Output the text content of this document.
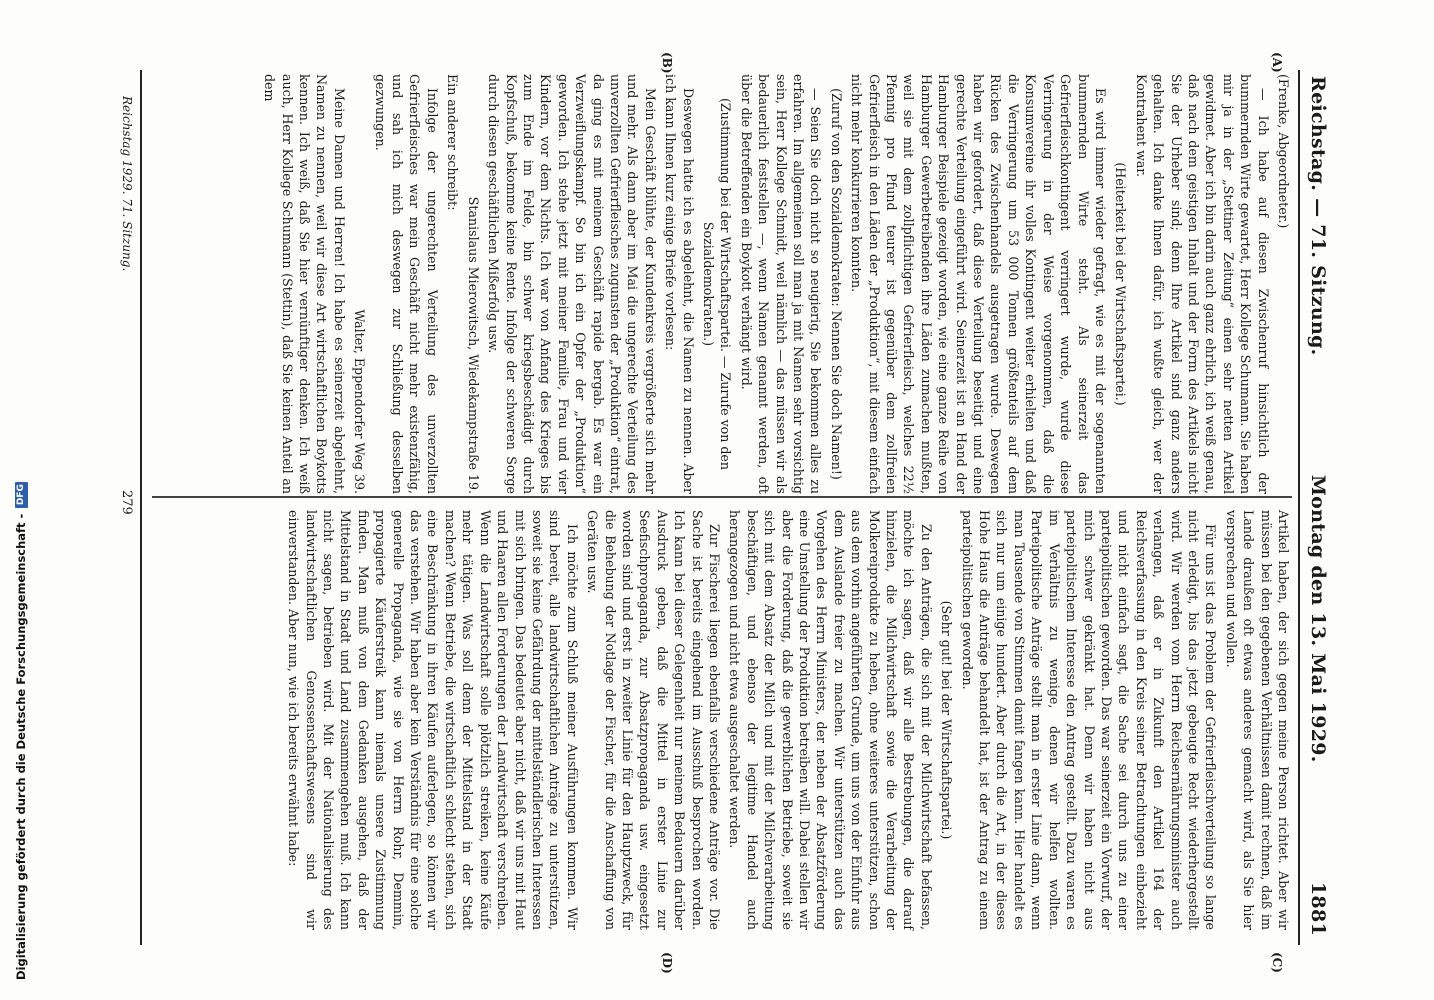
Reichstag. — 71. Sitzung.
Montag den 13. Mai 1929.
1881
(A)
(B)
(C)
(D)

(Frenke, Abgeordneter.)

— Ich habe auf diesen Zwischenruf hinsichtlich der bummernden Wirte gewartet, Herr Kollege Schumann. Sie haben mir ja in der „Stettiner Zeitung“ einen sehr netten Artikel gewidmet. Aber ich bin darin auch ganz ehrlich, ich weiß genau, daß nach dem geistigen Inhalt und der Form des Artikels nicht Sie der Urheber sind; denn Ihre Artikel sind ganz anders gehalten. Ich danke Ihnen dafür, ich wußte gleich, wer der Kontrahent war.

(Heiterkeit bei der Wirtschaftspartei.)

Es wird immer wieder gefragt, wie es mit der sogenannten bummernden Wirte steht. Als seinerzeit das Gefrierfleischkontingent verringert wurde, wurde diese Verringerung in der Weise vorgenommen, daß die Konsumvereine ihr volles Kontingent weiter erhielten und daß die Verringerung um 53 000 Tonnen größtenteils auf dem Rücken des Zwischenhandels ausgetragen wurde. Deswegen haben wir gefordert, daß diese Verteilung beseitigt und eine gerechte Verteilung eingeführt wird. Seinerzeit ist an Hand der Hamburger Beispiele gezeigt worden, wie eine ganze Reihe von Hamburger Gewerbetreibenden ihre Läden zumachen mußten, weil sie mit dem zollpflichtigen Gefrierfleisch, welches 22½ Pfennig pro Pfund teurer ist gegenüber dem zollfreien Gefrierfleisch in den Läden der „Produktion“, mit diesem einfach nicht mehr konkurrieren konnten.

(Zuruf von den Sozialdemokraten: Nennen Sie doch Namen!)

— Seien Sie doch nicht so neugierig, Sie bekommen alles zu erfahren. Im allgemeinen soll man ja mit Namen sehr vorsichtig sein, Herr Kollege Schmidt, weil nämlich — das müssen wir als bedauerlich feststellen —, wenn Namen genannt werden, oft über die Betreffenden ein Boykott verhängt wird.

(Zustimmung bei der Wirtschaftspartei. — Zurufe von den Sozialdemokraten.)

Deswegen hatte ich es abgelehnt, die Namen zu nennen. Aber ich kann Ihnen kurz einige Briefe vorlesen:

Mein Geschäft blühte, der Kundenkreis vergrößerte sich mehr und mehr. Als dann aber im Mai die ungerechte Verteilung des unverzollten Gefrierfleisches zugunsten der „Produktion“ eintrat, da ging es mit meinem Geschäft rapide bergab. Es war ein Verzweiflungskampf. So bin ich ein Opfer der „Produktion“ geworden. Ich stehe jetzt mit meiner Familie, Frau und vier Kindern, vor dem Nichts. Ich war von Anfang des Krieges bis zum Ende im Felde, bin schwer kriegsbeschädigt durch Kopfschuß, bekomme keine Rente. Infolge der schweren Sorge durch diesen geschäftlichen Mißerfolg usw.

Stanislaus Mierowitsch, Wiedekampstraße 19.

Ein anderer schreibt:

Infolge der ungerechten Verteilung des unverzollten Gefrierfleisches war mein Geschäft nicht mehr existenzfähig, und sah ich mich deswegen zur Schließung desselben gezwungen.

Walter, Eppendorfer Weg 39.

Meine Damen und Herren! Ich habe es seinerzeit abgelehnt, Namen zu nennen, weil wir diese Art wirtschaftlichen Boykotts kennen. Ich weiß, daß Sie hier vernünftiger denken. Ich weiß auch, Herr Kollege Schumann (Stettin), daß Sie keinen Anteil an dem

Artikel haben, der sich gegen meine Person richtet. Aber wir müssen bei den gegebenen Verhältnissen damit rechnen, daß im Lande draußen oft etwas anderes gemacht wird, als Sie hier versprechen und wollen.

Für uns ist das Problem der Gefrierfleischverteilung so lange nicht erledigt, bis das jetzt gebeugte Recht wiederhergestellt wird. Wir werden vom Herrn Reichsernährungsminister auch verlangen, daß er in Zukunft den Artikel 164 der Reichsverfassung in den Kreis seiner Betrachtungen einbezieht und nicht einfach sagt, die Sache sei durch uns zu einer parteipolitischen geworden. Das war seinerzeit ein Vorwurf, der mich schwer gekränkt hat. Denn wir haben nicht aus parteipolitischem Interesse den Antrag gestellt. Dazu waren es im Verhältnis zu wenige, denen wir helfen wollten. Parteipolitische Anträge stellt man in erster Linie dann, wenn man Tausende von Stimmen damit fangen kann. Hier handelt es sich nur um einige hundert. Aber durch die Art, in der dieses Hohe Haus die Anträge behandelt hat, ist der Antrag zu einem parteipolitischen geworden.

(Sehr gut! bei der Wirtschaftspartei.)

Zu den Anträgen, die sich mit der Milchwirtschaft befassen, möchte ich sagen, daß wir alle Bestrebungen, die darauf hinzielen, die Milchwirtschaft sowie die Verarbeitung der Molkereiprodukte zu heben, ohne weiteres unterstützen, schon aus dem vorhin angeführten Grunde, um uns von der Einfuhr aus dem Auslande freier zu machen. Wir unterstützen auch das Vorgehen des Herrn Ministers, der neben der Absatzförderung eine Umstellung der Produktion betreiben will. Dabei stellen wir aber die Forderung, daß die gewerblichen Betriebe, soweit sie sich mit dem Absatz der Milch und mit der Milchverarbeitung beschäftigen, und ebenso der legitime Handel auch herangezogen und nicht etwa ausgeschaltet werden.

Zur Fischerei liegen ebenfalls verschiedene Anträge vor. Die Sache ist bereits eingehend im Ausschuß besprochen worden. Ich kann bei dieser Gelegenheit nur meinem Bedauern darüber Ausdruck geben, daß die Mittel in erster Linie zur Seefischpropaganda, zur Absatzpropaganda usw. eingesetzt worden sind und erst in zweiter Linie für den Hauptzweck, für die Behebung der Notlage der Fischer, für die Anschaffung von Geräten usw.

Ich möchte zum Schluß meiner Ausführungen kommen. Wir sind bereit, alle landwirtschaftlichen Anträge zu unterstützen, soweit sie keine Gefährdung der mittelständlerischen Interessen mit sich bringen. Das bedeutet aber nicht, daß wir uns mit Haut und Haaren allen Forderungen der Landwirtschaft verschreiben. Wenn die Landwirtschaft solle plötzlich streiken, keine Käufe mehr tätigen. Was soll denn der Mittelstand in der Stadt machen? Wenn Betriebe, die wirtschaftlich schlecht stehen, sich eine Beschränkung in ihren Käufen auferlegen, so können wir das verstehen. Wir haben aber kein Verständnis für eine solche generelle Propaganda, wie sie von Herrn Rohr, Demmin, propagierte Käuferstreik kann niemals unsere Zustimmung finden. Man muß von dem Gedanken ausgehen, daß der Mittelstand in Stadt und Land zusammengehen muß. Ich kann nicht sagen, betrieben wird. Mit der Nationalisierung des landwirtschaftlichen Genossenschaftswesens sind wir einverstanden. Aber nun, wie ich bereits erwähnt habe:

Reichstag 1929. 71. Sitzung.
279
Digitalisierung gefördert durch die Deutsche Forschungsgemeinschaft -
DFG
